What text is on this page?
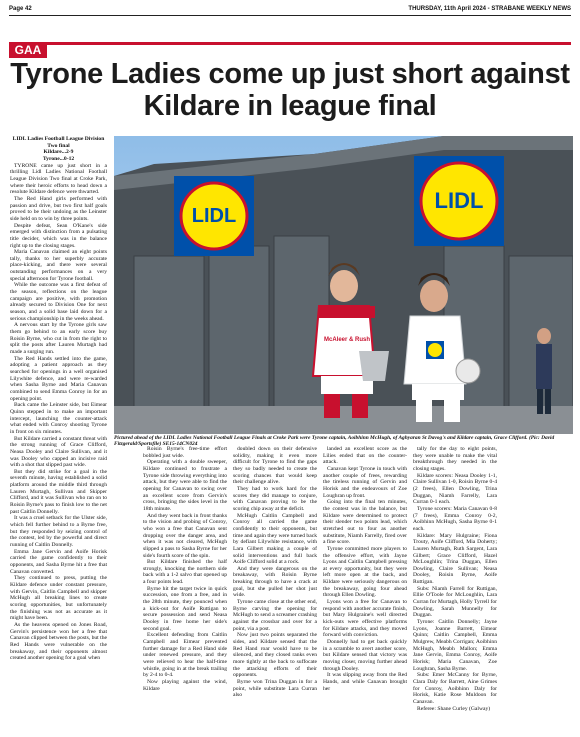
Page 42	THURSDAY, 11th April 2024 - STRABANE WEEKLY NEWS
GAA
Tyrone Ladies come up just short against Kildare in league final

LIDL Ladies Football League Division Two final

Kildare...2-9

Tyrone...0-12

TYRONE came up just short in a thrilling Lidl Ladies National Football League Division Two final at Croke Park, where their heroic efforts to head down a resolute Kildare defence were thwarted.

The Red Hand girls performed with passion and drive, but two first half goals proved to be their undoing as the Leinster side held on to win by three points.

Despite defeat, Sean O'Kane's side emerged with distinction from a pulsating title decider, which was in the balance right up to the closing stages.

Maria Canavan claimed an eight points tally, thanks to her superbly accurate place-kicking, and there were several outstanding performances on a very special afternoon for Tyrone football.

While the outcome was a first defeat of the season, reflections on the league campaign are positive, with promotion already secured to Division One for next season, and a solid base laid down for a serious championship in the weeks ahead.

A nervous start by the Tyrone girls saw them go behind to an early score buy Roisin Byrne, who cut in from the right to split the posts after Lauren Murtagh had made a surging run.

The Red Hands settled into the game, adopting a patient approach as they searched for openings in a well organised Lilywhite defence, and were re-warded when Sasha Byrne and Maria Canavan combined to send Emma Conroy in for an opening point.

Back came the Leinster side, but Eimear Quinn stepped in to make an important intercept, launching the counter-attack what ended with Conroy shooting Tyrone in front on six minutes.

But Kildare carried a constant threat with the strong running of Grace Clifford, Neasa Dooley and Claire Sullivan, and it was Dooley who capped an incisive raid with a shot that slipped past wide.

But they did strike for a goal in the seventh minute, having established a solid platform around the middle third through Lauren Murtagh, Sullivan and Skipper Clifford, and it was Sullivan who ran on to Roisin Byrne's pass to finish low to the net past Caitlin Donnelly.

It was a cruel setback for the Ulster side, which fell further behind to a Byrne free, but they responded by seizing control of the contest, led by the powerful and direct running of Caitlin Donnelly.

Emma Jane Gervin and Aoife Horisk carried the game confidently to their opponents, and Sasha Byrne hit a free that Canavan converted.

They continued to press, putting the Kildare defence under constant pressure, with Gervin, Caitlin Campbell and skipper McHugh all breaking lines to create scoring opportunities, but unfortunately the finishing was not as accurate as it might have been.

As the heavens opened on Jones Road, Gervin's persistence won her a free that Canavan clipped between the posts, but the Red Hands were vulnerable on the breakaway, and their opponents almost created another opening for a goal when

LIDL
LIDL
McAleer & Rush
Pictured ahead of the LIDL Ladies National Football League Finals at Croke Park were Tyrone captain, Aoibhinn McHugh, of Aghyaran St Davog's and Kildare captain, Grace Clifford. (Pic: David Fitzgerald/Sportsfile) SE15-14CN024

Roisin Byrne's free-time effort bobbled just wide.

Operating with a double sweeper, Kildare continued to frustrate a Tyrone side throwing everything into attack, but they were able to find the opening for Canavan to swing over an excellent score from Gervin's cross, bringing the sides level in the 18th minute.

And they went back in front thanks to the vision and probing of Conroy, who won a free that Canavan sent dropping over the danger area, and when it was not cleared, McHugh slipped a pass to Sasha Byrne for her side's fourth score of the spin.

But Kildare finished the half strongly, knocking the northern side back with a 1-2 salvo that opened up a four points lead.

Byrne hit the target twice in quick succession, one from a free, and in the 28th minute, they pounced when a kick-out for Aoife Ruttigan to secure possession and send Neasa Dooley in free home her side's second goal.

Excellent defending from Caitlin Campbell and Eimear prevented further damage for a Red Hand side under renewed pressure, and they were relieved to hear the half-time whistle, going in at the break trailing by 2-4 to 0-4.

Now playing against the wind, Kildare

doubled down on their defensive solidity, making it even more difficult for Tyrone to find the gaps they so badly needed to create the scoring chances that would keep their challenge alive.

They had to work hard for the scores they did manage to conjure, with Canavan proving to be the scoring chip away at the deficit.

McHugh Caitlin Campbell and Conroy all carried the game confidently to their opponents, but time and again they were turned back by defiant Lilywhite resistance, with Lara Gilbert making a couple of solid interventions and full back Aoife Clifford solid at a rock.

And they were dangerous on the breakaway, with Roisin Byrne breaking through to have a crack at goal, but she pulled her shot just wide.

Tyrone came close at the other end, Byrne carving the opening for McHugh to send a screamer crashing against the crossbar and over for a point, via a post.

Now just two points separated the sides, and Kildare sensed that the Red Hand roar would have to be silenced, and they closed ranks even more tightly at the back to suffocate the attacking efforts of their opponents.

Byrne won Trina Duggan in for a point, while substitute Lara Curran also

landed an excellent score as the Lilies ended that on the counter-attack.

Canavan kept Tyrone in touch with another couple of frees, rewarding the tireless running of Gervin and Horisk and the endeavours of Zoe Loughran up front.

Going into the final ten minutes, the contest was in the balance, but Kildare were determined to protect their slender two points lead, which stretched out to four as another substitute, Niamh Farrelly, fired over a fine score.

Tyrone committed more players to the offensive effort, with Jayne Lyons and Caitlin Campbell pressing at every opportunity, but they were left more open at the back, and Kildare were seriously dangerous on the breakaway, going four ahead through Ellen Dowling.

Lyons won a free for Canavan to respond with another accurate finish, but Mary Hulgraine's well directed kick-outs were effective platforms for Kildare attacks, and they moved forward with conviction.

Donnelly had to get back quickly in a scramble to avert another score, but Kildare sensed that victory was moving closer, moving further ahead through Dooley.

It was slipping away from the Red Hands, and while Canavan brought her

tally for the day to eight points, they were unable to make the vital breakthrough they needed in the closing stages.

Kildare scorers: Neasa Dooley 1-1, Claire Sullivan 1-0, Roisin Byrne 0-4 (2 frees), Ellen Dowling, Trina Duggan, Niamh Farrelly, Lara Curran 0-1 each.

Tyrone scorers: Maria Canavan 0-8 (7 frees), Emma Conroy 0-2, Aoibhinn McHugh, Sasha Byrne 0-1 each.

Kildare: Mary Hulgraine; Fiona Trouty, Aoife Clifford, Mia Doherty; Lauren Murtagh, Ruth Sargent, Lara Gilbert; Grace Clifford, Hazel McLoughlin; Trina Duggan, Ellen Dowling, Claire Sullivan; Neasa Dooley, Roisin Byrne, Aoife Ruttigan.

Subs: Niamh Farrell for Ruttigan, Ellie O'Toole for McLoughlin, Lara Curran for Murtagh, Holly Tyrrell for Dowling, Sarah Munnelly for Duggan.

Tyrone: Caitlin Donnelly; Jayne Lyons, Joanne Barrett, Eimear Quinn; Caitlin Campbell, Emma Mulgrew, Meabh Corrigan; Aoibhinn McHugh, Meabh Mallon; Emma Jane Gervin, Emma Conroy, Aoife Horisk; Maria Canavan, Zoe Loughran, Sasha Byrne.

Subs: Emer McCanny for Byrne, Clara Daly for Barrett, Aine Grimes for Conroy, Aoibhinn Daly for Horisk, Katie Rose Muldoon for Canavan.

Referee: Shane Curley (Galway)
